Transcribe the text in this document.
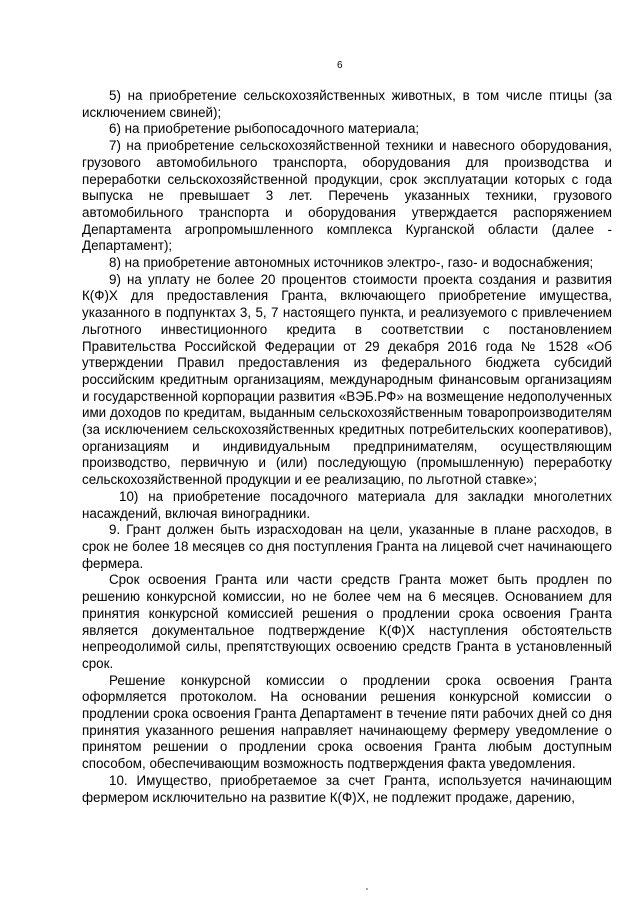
6

5) на приобретение сельскохозяйственных животных, в том числе птицы (за исключением свиней);

6) на приобретение рыбопосадочного материала;

7) на приобретение сельскохозяйственной техники и навесного оборудования, грузового автомобильного транспорта, оборудования для производства и переработки сельскохозяйственной продукции, срок эксплуатации которых с года выпуска не превышает 3 лет. Перечень указанных техники, грузового автомобильного транспорта и оборудования утверждается распоряжением Департамента агропромышленного комплекса Курганской области (далее - Департамент);

8) на приобретение автономных источников электро-, газо- и водоснабжения;

9) на уплату не более 20 процентов стоимости проекта создания и развития К(Ф)Х для предоставления Гранта, включающего приобретение имущества, указанного в подпунктах 3, 5, 7 настоящего пункта, и реализуемого с привлечением льготного инвестиционного кредита в соответствии с постановлением Правительства Российской Федерации от 29 декабря 2016 года № 1528 «Об утверждении Правил предоставления из федерального бюджета субсидий российским кредитным организациям, международным финансовым организациям и государственной корпорации развития «ВЭБ.РФ» на возмещение недополученных ими доходов по кредитам, выданным сельскохозяйственным товаропроизводителям (за исключением сельскохозяйственных кредитных потребительских кооперативов), организациям и индивидуальным предпринимателям, осуществляющим производство, первичную и (или) последующую (промышленную) переработку сельскохозяйственной продукции и ее реализацию, по льготной ставке»;

10) на приобретение посадочного материала для закладки многолетних насаждений, включая виноградники.

9. Грант должен быть израсходован на цели, указанные в плане расходов, в срок не более 18 месяцев со дня поступления Гранта на лицевой счет начинающего фермера.

Срок освоения Гранта или части средств Гранта может быть продлен по решению конкурсной комиссии, но не более чем на 6 месяцев. Основанием для принятия конкурсной комиссией решения о продлении срока освоения Гранта является документальное подтверждение К(Ф)Х наступления обстоятельств непреодолимой силы, препятствующих освоению средств Гранта в установленный срок.

Решение конкурсной комиссии о продлении срока освоения Гранта оформляется протоколом. На основании решения конкурсной комиссии о продлении срока освоения Гранта Департамент в течение пяти рабочих дней со дня принятия указанного решения направляет начинающему фермеру уведомление о принятом решении о продлении срока освоения Гранта любым доступным способом, обеспечивающим возможность подтверждения факта уведомления.

10. Имущество, приобретаемое за счет Гранта, используется начинающим фермером исключительно на развитие К(Ф)Х, не подлежит продаже, дарению,
